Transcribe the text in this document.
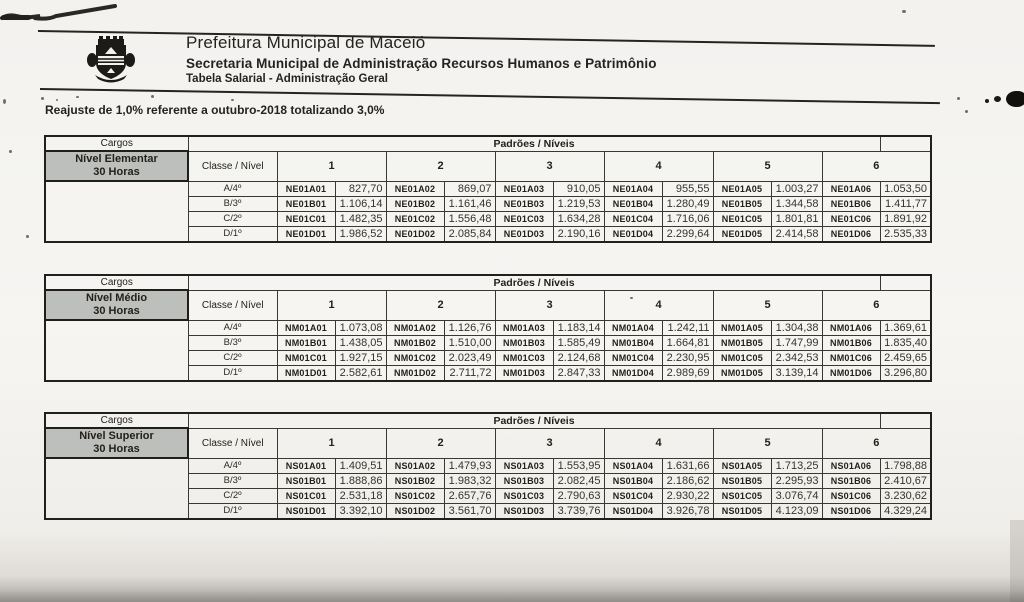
Prefeitura Municipal de Maceió
Secretaria Municipal de Administração Recursos Humanos e Patrimônio
Tabela Salarial - Administração Geral
Reajuste de 1,0% referente a outubro-2018 totalizando 3,0%
Cargos	Padrões / Níveis												
Nível Elementar
30 Horas	Classe / Nível	1		2		3		4		5		6	
	A/4º	NE01A01	827,70	NE01A02	869,07	NE01A03	910,05	NE01A04	955,55	NE01A05	1.003,27	NE01A06	1.053,50
	B/3º	NE01B01	1.106,14	NE01B02	1.161,46	NE01B03	1.219,53	NE01B04	1.280,49	NE01B05	1.344,58	NE01B06	1.411,77
	C/2º	NE01C01	1.482,35	NE01C02	1.556,48	NE01C03	1.634,28	NE01C04	1.716,06	NE01C05	1.801,81	NE01C06	1.891,92
	D/1º	NE01D01	1.986,52	NE01D02	2.085,84	NE01D03	2.190,16	NE01D04	2.299,64	NE01D05	2.414,58	NE01D06	2.535,33
Cargos	Padrões / Níveis												
Nível Médio
30 Horas	Classe / Nível	1		2		3		4		5		6	
	A/4º	NM01A01	1.073,08	NM01A02	1.126,76	NM01A03	1.183,14	NM01A04	1.242,11	NM01A05	1.304,38	NM01A06	1.369,61
	B/3º	NM01B01	1.438,05	NM01B02	1.510,00	NM01B03	1.585,49	NM01B04	1.664,81	NM01B05	1.747,99	NM01B06	1.835,40
	C/2º	NM01C01	1.927,15	NM01C02	2.023,49	NM01C03	2.124,68	NM01C04	2.230,95	NM01C05	2.342,53	NM01C06	2.459,65
	D/1º	NM01D01	2.582,61	NM01D02	2.711,72	NM01D03	2.847,33	NM01D04	2.989,69	NM01D05	3.139,14	NM01D06	3.296,80
Cargos	Padrões / Níveis												
Nível Superior
30 Horas	Classe / Nível	1		2		3		4		5		6	
	A/4º	NS01A01	1.409,51	NS01A02	1.479,93	NS01A03	1.553,95	NS01A04	1.631,66	NS01A05	1.713,25	NS01A06	1.798,88
	B/3º	NS01B01	1.888,86	NS01B02	1.983,32	NS01B03	2.082,45	NS01B04	2.186,62	NS01B05	2.295,93	NS01B06	2.410,67
	C/2º	NS01C01	2.531,18	NS01C02	2.657,76	NS01C03	2.790,63	NS01C04	2.930,22	NS01C05	3.076,74	NS01C06	3.230,62
	D/1º	NS01D01	3.392,10	NS01D02	3.561,70	NS01D03	3.739,76	NS01D04	3.926,78	NS01D05	4.123,09	NS01D06	4.329,24
